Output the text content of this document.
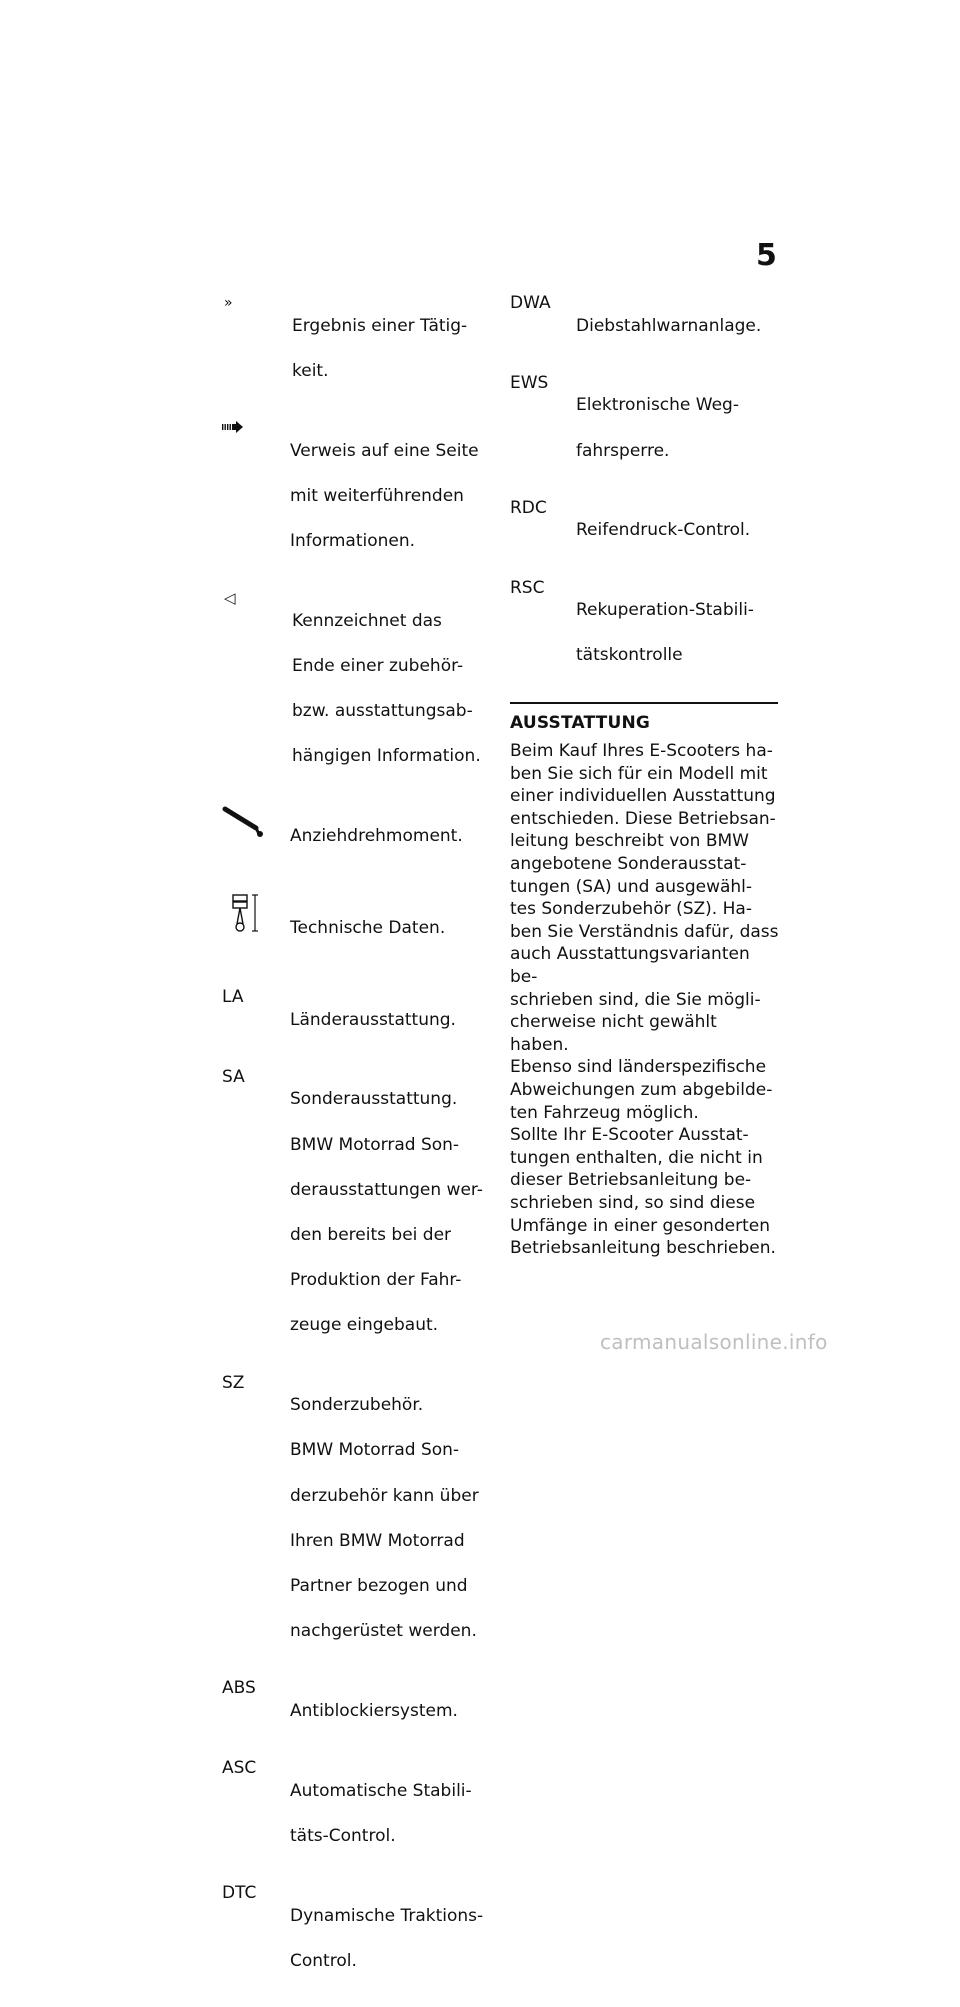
5
»

Ergebnis einer Tätig-

keit.

Verweis auf eine Seite

mit weiterführenden

Informationen.

◁

Kennzeichnet das

Ende einer zubehör-

bzw. ausstattungsab-

hängigen Information.

Anziehdrehmoment.

Technische Daten.

LA

Länderausstattung.

SA

Sonderausstattung.

BMW Motorrad Son-

derausstattungen wer-

den bereits bei der

Produktion der Fahr-

zeuge eingebaut.

SZ

Sonderzubehör.

BMW Motorrad Son-

derzubehör kann über

Ihren BMW Motorrad

Partner bezogen und

nachgerüstet werden.

ABS

Antiblockiersystem.

ASC

Automatische Stabili-

täts-Control.

DTC

Dynamische Traktions-

Control.

DWA

Diebstahlwarnanlage.

EWS

Elektronische Weg-

fahrsperre.

RDC

Reifendruck-Control.

RSC

Rekuperation-Stabili-

tätskontrolle

AUSSTATTUNG
Beim Kauf Ihres E-Scooters ha-
ben Sie sich für ein Modell mit
einer individuellen Ausstattung
entschieden. Diese Betriebsan-
leitung beschreibt von BMW
angebotene Sonderausstat-
tungen (SA) und ausgewähl-
tes Sonderzubehör (SZ). Ha-
ben Sie Verständnis dafür, dass
auch Ausstattungsvarianten be-
schrieben sind, die Sie mögli-
cherweise nicht gewählt haben.
Ebenso sind länderspezifische
Abweichungen zum abgebilde-
ten Fahrzeug möglich.
Sollte Ihr E-Scooter Ausstat-
tungen enthalten, die nicht in
dieser Betriebsanleitung be-
schrieben sind, so sind diese
Umfänge in einer gesonderten
Betriebsanleitung beschrieben.
carmanualsonline.info
